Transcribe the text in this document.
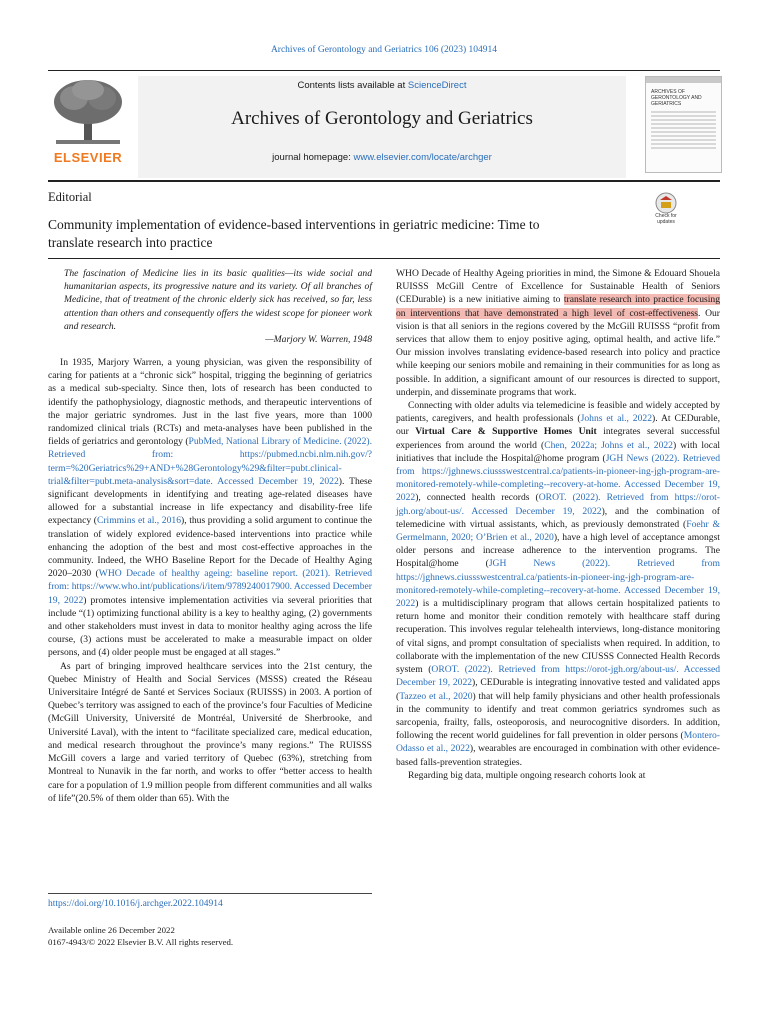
Archives of Gerontology and Geriatrics 106 (2023) 104914
ELSEVIER
Contents lists available at ScienceDirect
Archives of Gerontology and Geriatrics
journal homepage: www.elsevier.com/locate/archger
ARCHIVES OF GERONTOLOGY AND GERIATRICS
Editorial
Community implementation of evidence-based interventions in geriatric medicine: Time to
translate research into practice
Check for
updates
The fascination of Medicine lies in its basic qualities—its wide social and humanitarian aspects, its progressive nature and its variety. Of all branches of Medicine, that of treatment of the chronic elderly sick has received, so far, less attention than others and consequently offers the widest scope for pioneer work and research.
—Marjory W. Warren, 1948

In 1935, Marjory Warren, a young physician, was given the responsibility of caring for patients at a “chronic sick” hospital, trigging the beginning of geriatrics as a medical sub-specialty. Since then, lots of research has been conducted to identify the pathophysiology, diagnostic methods, and therapeutic interventions of the major geriatric syndromes. Just in the last five years, more than 1000 randomized clinical trials (RCTs) and meta-analyses have been published in the fields of geriatrics and gerontology (PubMed, National Library of Medicine. (2022). Retrieved from: https://pubmed.ncbi.nlm.nih.gov/?term=%20Geriatrics%29+AND+%28Gerontology%29&filter=pubt.clinical-trial&filter=pubt.meta-analysis&sort=date. Accessed December 19, 2022). These significant developments in identifying and treating age-related diseases have allowed for a substantial increase in life expectancy and disability-free life expectancy (Crimmins et al., 2016), thus providing a solid argument to continue the translation of widely explored evidence-based interventions into practice while enhancing the adoption of the best and most cost-effective approaches in the community. Indeed, the WHO Baseline Report for the Decade of Healthy Aging 2020–2030 (WHO Decade of healthy ageing: baseline report. (2021). Retrieved from: https://www.who.int/publications/i/item/9789240017900. Accessed December 19, 2022) promotes intensive implementation activities via several priorities that include “(1) optimizing functional ability is a key to healthy aging, (2) governments and other stakeholders must invest in data to monitor healthy aging across the life course, (3) actions must be accelerated to make a measurable impact on older persons, and (4) older people must be engaged at all stages.”

As part of bringing improved healthcare services into the 21st century, the Quebec Ministry of Health and Social Services (MSSS) created the Réseau Universitaire Intégré de Santé et Services Sociaux (RUISSS) in 2003. A portion of Quebec’s territory was assigned to each of the province’s four Faculties of Medicine (McGill University, Université de Montréal, Université de Sherbrooke, and Université Laval), with the intent to “facilitate specialized care, medical education, and medical research throughout the province’s many regions.” The RUISSS McGill covers a large and varied territory of Quebec (63%), stretching from Montreal to Nunavik in the far north, and works to offer “better access to health care for a population of 1.9 million people from different communities and all walks of life”(20.5% of them older than 65). With the

WHO Decade of Healthy Ageing priorities in mind, the Simone & Edouard Shouela RUISSS McGill Centre of Excellence for Sustainable Health of Seniors (CEDurable) is a new initiative aiming to translate research into practice focusing on interventions that have demonstrated a high level of cost-effectiveness. Our vision is that all seniors in the regions covered by the McGill RUISSS “profit from services that allow them to enjoy positive aging, optimal health, and active life.” Our mission involves translating evidence-based research into policy and practice while keeping our seniors mobile and remaining in their communities for as long as possible. In addition, a significant amount of our resources is directed to support, underpin, and disseminate programs that work.

Connecting with older adults via telemedicine is feasible and widely accepted by patients, caregivers, and health professionals (Johns et al., 2022). At CEDurable, our Virtual Care & Supportive Homes Unit integrates several successful experiences from around the world (Chen, 2022a; Johns et al., 2022) with local initiatives that include the Hospital@home program (JGH News (2022). Retrieved from https://jghnews.ciussswestcentral.ca/patients-in-pioneer-ing-jgh-program-are-monitored-remotely-while-completing--recovery-at-home. Accessed December 19, 2022), connected health records (OROT. (2022). Retrieved from https://orot-jgh.org/about-us/. Accessed December 19, 2022), and the combination of telemedicine with virtual assistants, which, as previously demonstrated (Foehr & Germelmann, 2020; O’Brien et al., 2020), have a high level of acceptance amongst older persons and increase adherence to the intervention programs. The Hospital@home (JGH News (2022). Retrieved from https://jghnews.ciussswestcentral.ca/patients-in-pioneer-ing-jgh-program-are-monitored-remotely-while-completing--recovery-at-home. Accessed December 19, 2022) is a multidisciplinary program that allows certain hospitalized patients to return home and monitor their condition remotely with healthcare staff during recuperation. This involves regular telehealth interviews, long-distance monitoring of vital signs, and prompt consultation of specialists when required. In addition, to collaborate with the implementation of the new CIUSSS Connected Health Records system (OROT. (2022). Retrieved from https://orot-jgh.org/about-us/. Accessed December 19, 2022), CEDurable is integrating innovative tested and validated apps (Tazzeo et al., 2020) that will help family physicians and other health professionals in the community to identify and treat common geriatrics syndromes such as sarcopenia, frailty, falls, osteoporosis, and neurocognitive disorders. In addition, following the recent world guidelines for fall prevention in older persons (Montero-Odasso et al., 2022), wearables are encouraged in combination with other evidence-based falls-prevention strategies.

Regarding big data, multiple ongoing research cohorts look at

https://doi.org/10.1016/j.archger.2022.104914
Available online 26 December 2022
0167-4943/© 2022 Elsevier B.V. All rights reserved.
